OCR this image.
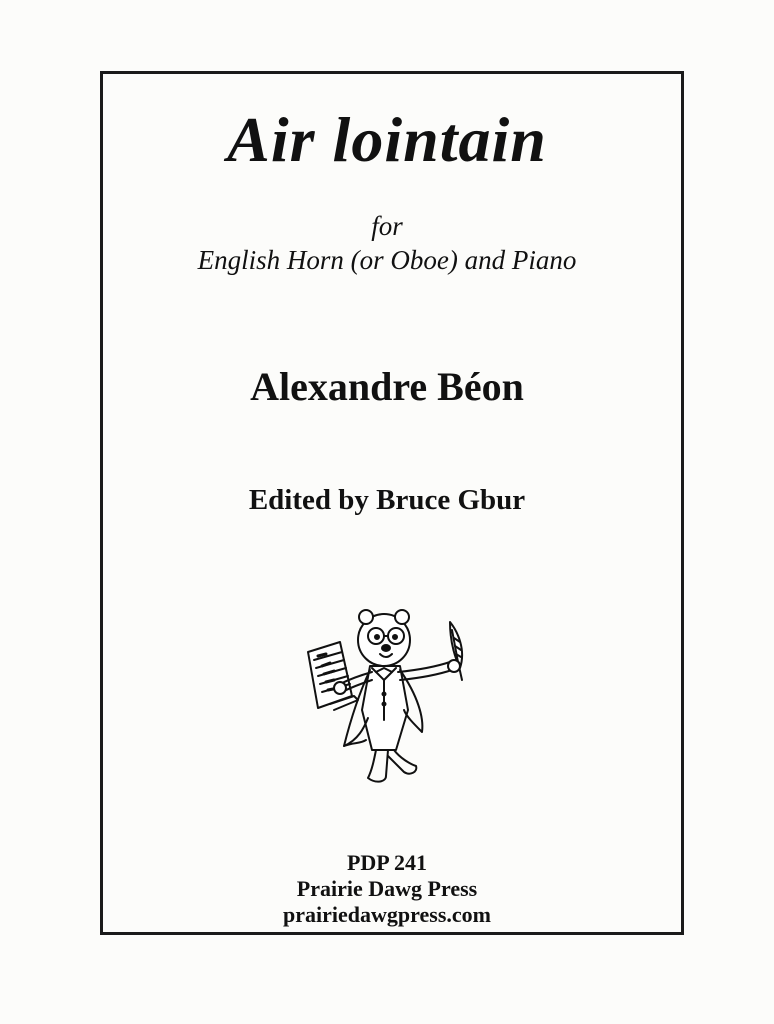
Air lointain
for
English Horn (or Oboe) and Piano
Alexandre Béon
Edited by Bruce Gbur
PDP 241
Prairie Dawg Press
prairiedawgpress.com
